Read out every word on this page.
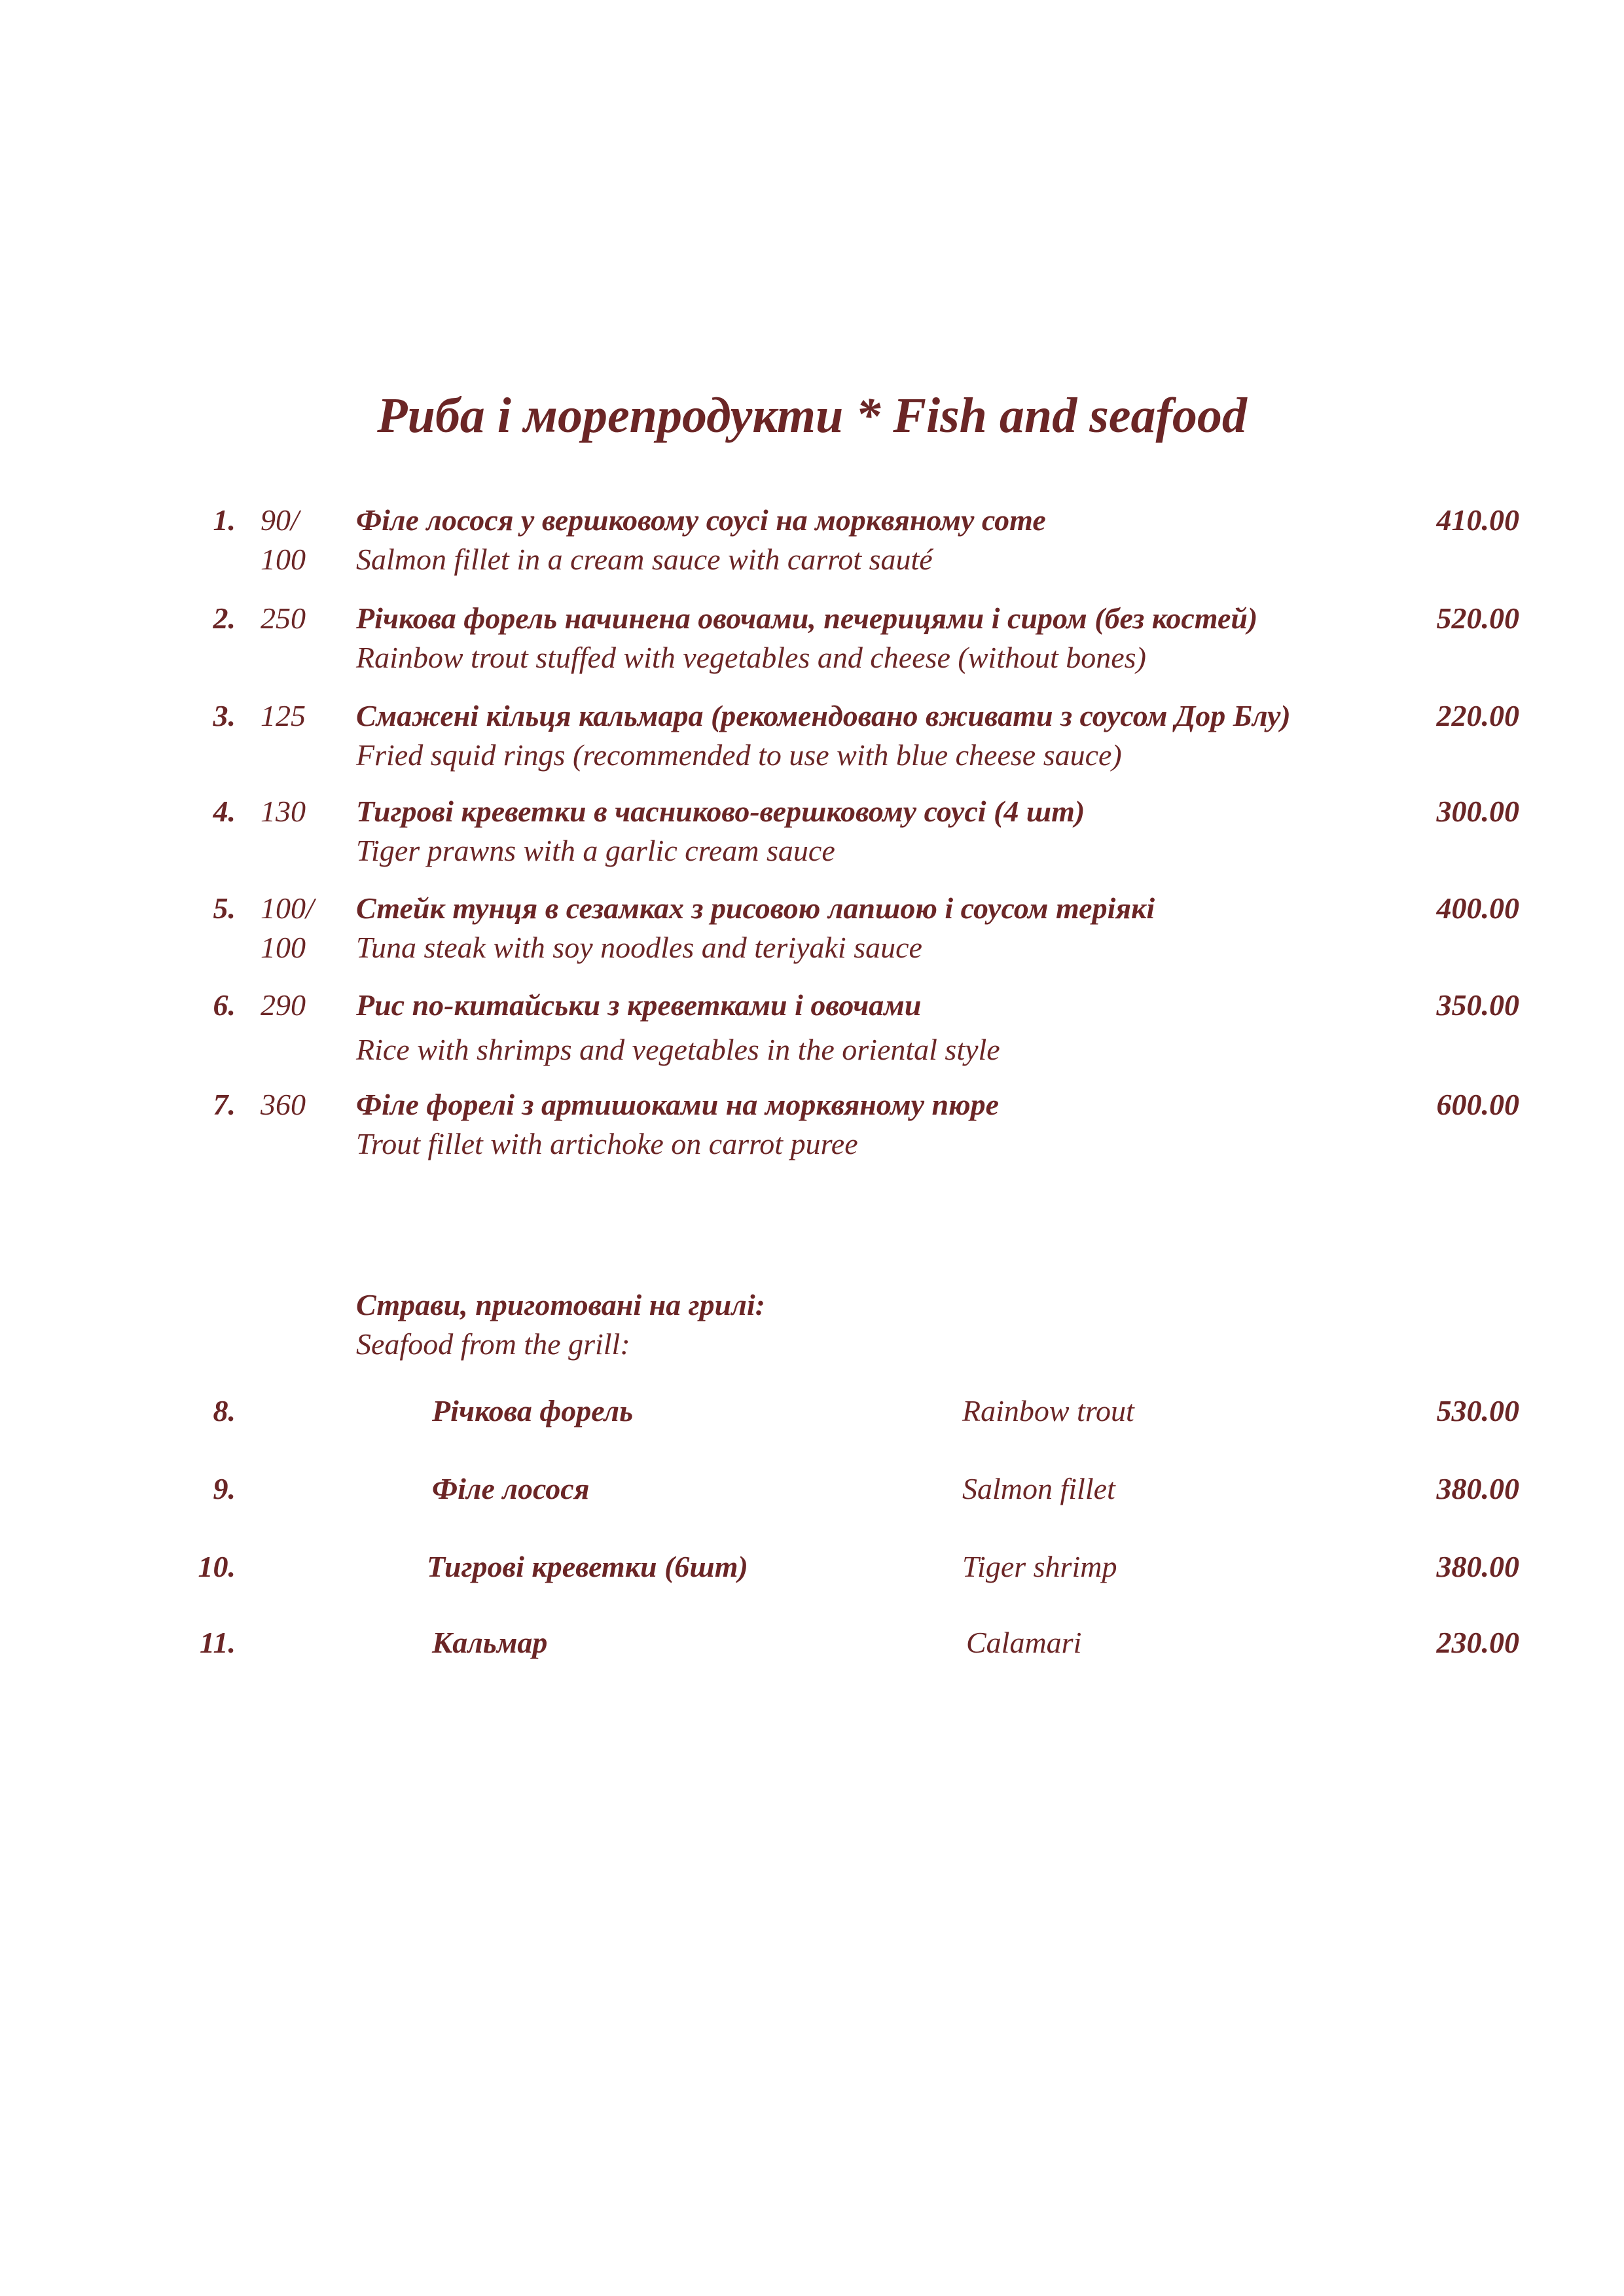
Риба і морепродукти * Fish and seafood
1. 90/
100
Філе лосося у вершковому соусі на морквяному соте
Salmon fillet in a cream sauce with carrot sauté
410.00
2. 250	Річкова форель начинена овочами, печерицями і сиром (без костей)
Rainbow trout stuffed with vegetables and cheese (without bones)
520.00
3. 125	Смажені кільця кальмара (рекомендовано вживати з соусом Дор Блу)
Fried squid rings (recommended to use with blue cheese sauce)
220.00
4. 130	Тигрові креветки в часниково-вершковому соусі (4 шт)
Tiger prawns with a garlic cream sauce
300.00
5. 100/
100
Стейк тунця в сезамках з рисовою лапшою і соусом теріякі
Tuna steak with soy noodles and teriyaki sauce
400.00
6. 290	Рис по-китайськи з креветками і овочами
Rice with shrimps and vegetables in the oriental style
350.00
7. 360	Філе форелі з артишоками на морквяному пюре
Trout fillet with artichoke on carrot puree
600.00
Страви, приготовані на грилі:
Seafood from the grill:
8.	Річкова форель	Rainbow trout	530.00
9.	Філе лосося	Salmon fillet	380.00
10.	Тигрові креветки (6шт)	Tiger shrimp	380.00
11.	Кальмар	Calamari	230.00
